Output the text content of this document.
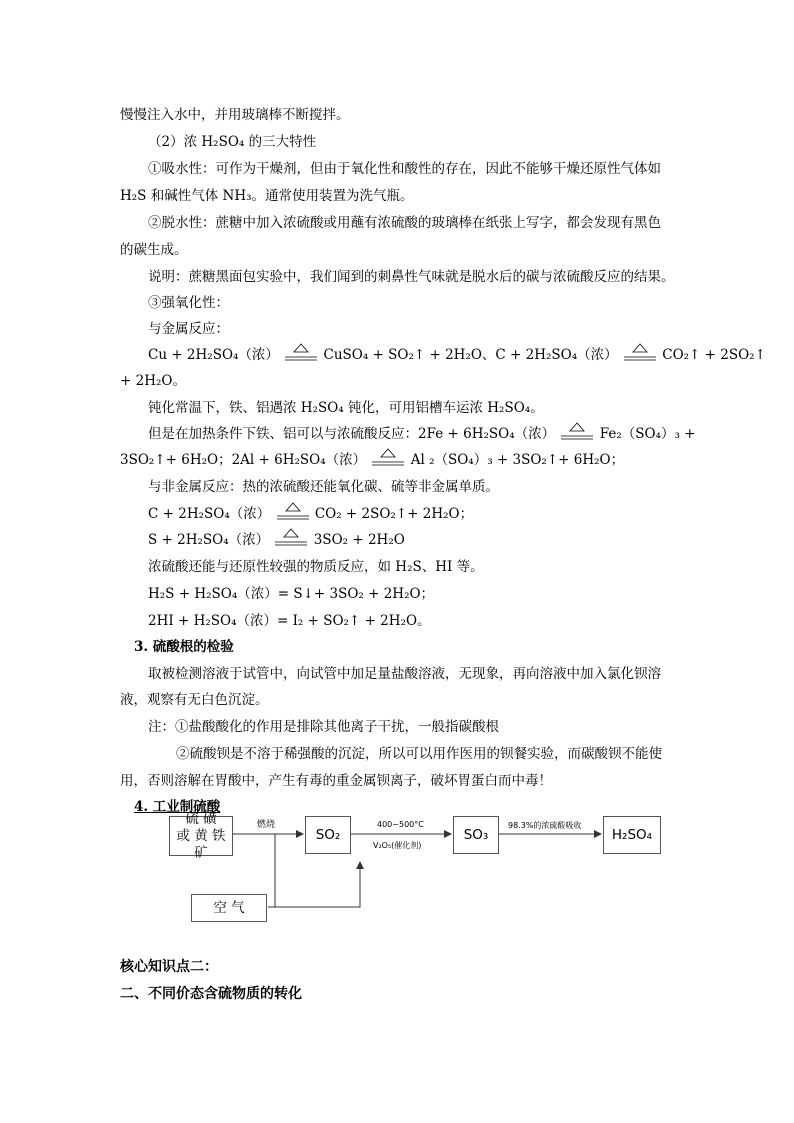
慢慢注入水中，并用玻璃棒不断搅拌。
（2）浓 H₂SO₄ 的三大特性
①吸水性：可作为干燥剂，但由于氧化性和酸性的存在，因此不能够干燥还原性气体如
H₂S 和碱性气体 NH₃。通常使用装置为洗气瓶。
②脱水性：蔗糖中加入浓硫酸或用蘸有浓硫酸的玻璃棒在纸张上写字，都会发现有黑色
的碳生成。
说明：蔗糖黑面包实验中，我们闻到的刺鼻性气味就是脱水后的碳与浓硫酸反应的结果。
③强氧化性：
与金属反应：
Cu + 2H₂SO₄（浓）	CuSO₄ + SO₂↑ + 2H₂O、C + 2H₂SO₄（浓）	CO₂↑ + 2SO₂↑
+ 2H₂O。
钝化常温下，铁、铝遇浓 H₂SO₄ 钝化，可用铝槽车运浓 H₂SO₄。
但是在加热条件下铁、铝可以与浓硫酸反应：2Fe + 6H₂SO₄（浓）	Fe₂（SO₄）₃ +
3SO₂↑+ 6H₂O；2Al + 6H₂SO₄（浓）	Al ₂（SO₄）₃ + 3SO₂↑+ 6H₂O；
与非金属反应：热的浓硫酸还能氧化碳、硫等非金属单质。
C + 2H₂SO₄（浓）	CO₂ + 2SO₂↑+ 2H₂O；
S + 2H₂SO₄（浓）	3SO₂ + 2H₂O
浓硫酸还能与还原性较强的物质反应，如 H₂S、HI 等。
H₂S + H₂SO₄（浓）= S↓+ 3SO₂ + 2H₂O；
2HI + H₂SO₄（浓）= I₂ + SO₂↑ + 2H₂O。
3. 硫酸根的检验
取被检测溶液于试管中，向试管中加足量盐酸溶液，无现象，再向溶液中加入氯化钡溶
液，观察有无白色沉淀。
注：①盐酸酸化的作用是排除其他离子干扰，一般指碳酸根
②硫酸钡是不溶于稀强酸的沉淀，所以可以用作医用的钡餐实验，而碳酸钡不能使
用，否则溶解在胃酸中，产生有毒的重金属钡离子，破坏胃蛋白而中毒！
4. 工业制硫酸
硫 磺
或 黄 铁 矿
SO₂	SO₃	H₂SO₄
空 气
燃烧	400~500°C
V₂O₅(催化剂)
98.3%的浓硫酸吸收
核心知识点二：
二、不同价态含硫物质的转化
